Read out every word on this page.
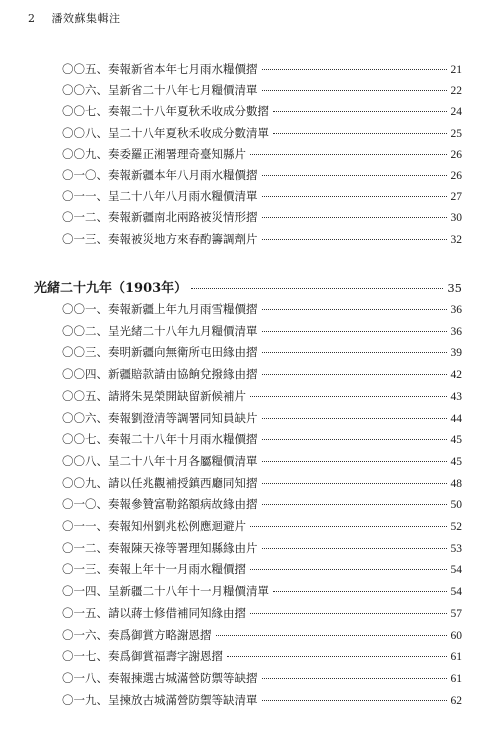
2 潘效蘇集輯注
〇〇五、奏報新省本年七月雨水糧價摺	21
〇〇六、呈新省二十八年七月糧價清單	22
〇〇七、奏報二十八年夏秋禾收成分數摺	24
〇〇八、呈二十八年夏秋禾收成分數清單	25
〇〇九、奏委羅正湘署理奇臺知縣片	26
〇一〇、奏報新疆本年八月雨水糧價摺	26
〇一一、呈二十八年八月雨水糧價清單	27
〇一二、奏報新疆南北兩路被災情形摺	30
〇一三、奏報被災地方來春酌籌調劑片	32
光緒二十九年（1903年）	35
〇〇一、奏報新疆上年九月雨雪糧價摺	36
〇〇二、呈光緒二十八年九月糧價清單	36
〇〇三、奏明新疆向無衛所屯田緣由摺	39
〇〇四、新疆賠款請由協餉兌撥緣由摺	42
〇〇五、請將朱晃榮開缺留新候補片	43
〇〇六、奏報劉澄清等調署同知員缺片	44
〇〇七、奏報二十八年十月雨水糧價摺	45
〇〇八、呈二十八年十月各屬糧價清單	45
〇〇九、請以任兆觀補授鎮西廳同知摺	48
〇一〇、奏報參贊富勒銘額病故緣由摺	50
〇一一、奏報知州劉兆松例應迴避片	52
〇一二、奏報陳天祿等署理知縣緣由片	53
〇一三、奏報上年十一月雨水糧價摺	54
〇一四、呈新疆二十八年十一月糧價清單	54
〇一五、請以蔣士修借補同知緣由摺	57
〇一六、奏爲御賞方略謝恩摺	60
〇一七、奏爲御賞福壽字謝恩摺	61
〇一八、奏報揀選古城滿營防禦等缺摺	61
〇一九、呈揀放古城滿營防禦等缺清單	62
